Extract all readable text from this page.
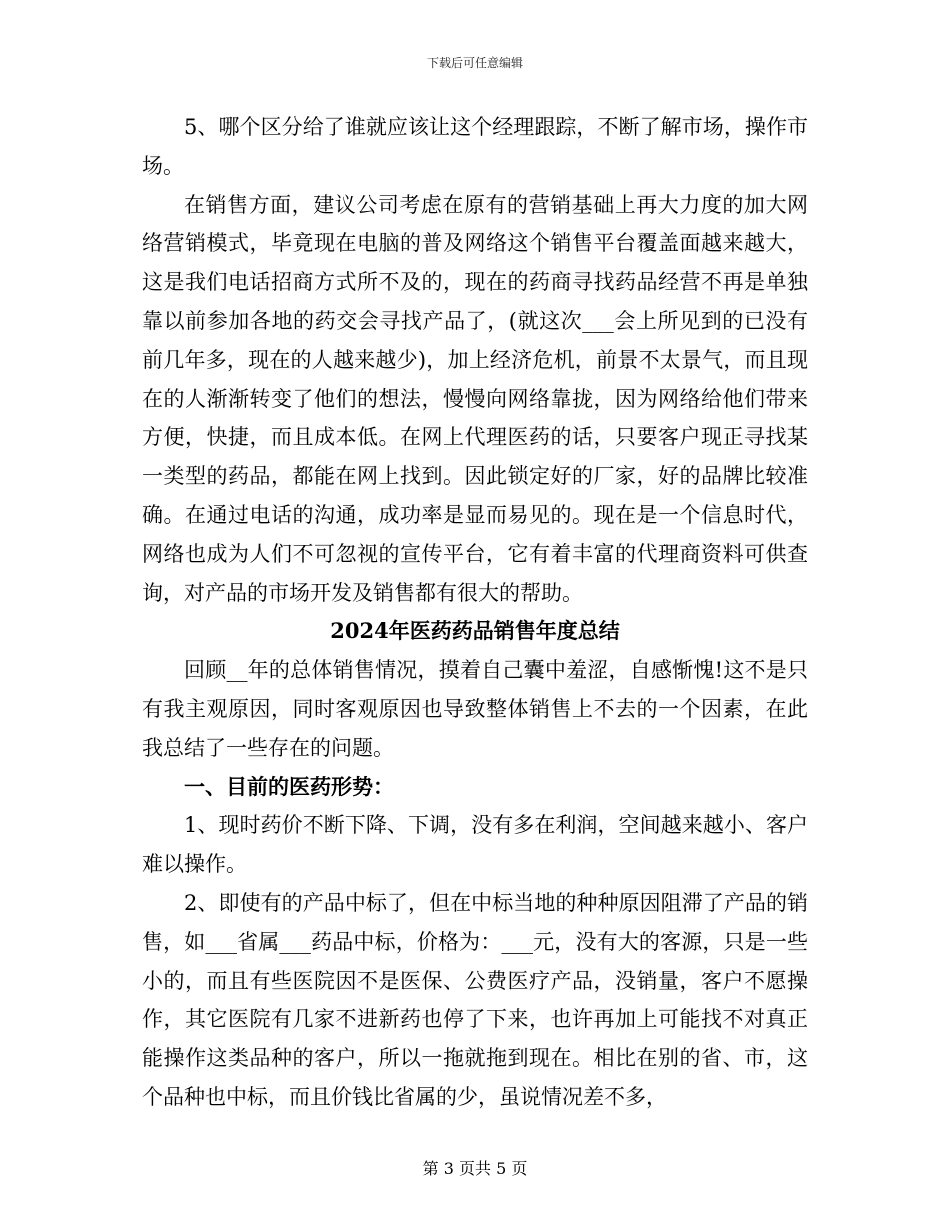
下载后可任意编辑

5、哪个区分给了谁就应该让这个经理跟踪，不断了解市场，操作市场。

在销售方面，建议公司考虑在原有的营销基础上再大力度的加大网络营销模式，毕竟现在电脑的普及网络这个销售平台覆盖面越来越大，这是我们电话招商方式所不及的，现在的药商寻找药品经营不再是单独靠以前参加各地的药交会寻找产品了，(就这次___会上所见到的已没有前几年多，现在的人越来越少)，加上经济危机，前景不太景气，而且现在的人渐渐转变了他们的想法，慢慢向网络靠拢，因为网络给他们带来方便，快捷，而且成本低。在网上代理医药的话，只要客户现正寻找某一类型的药品，都能在网上找到。因此锁定好的厂家，好的品牌比较准确。在通过电话的沟通，成功率是显而易见的。现在是一个信息时代，网络也成为人们不可忽视的宣传平台，它有着丰富的代理商资料可供查询，对产品的市场开发及销售都有很大的帮助。

2024年医药药品销售年度总结

回顾__年的总体销售情况，摸着自己囊中羞涩，自感惭愧!这不是只有我主观原因，同时客观原因也导致整体销售上不去的一个因素，在此我总结了一些存在的问题。

一、目前的医药形势：

1、现时药价不断下降、下调，没有多在利润，空间越来越小、客户难以操作。

2、即使有的产品中标了，但在中标当地的种种原因阻滞了产品的销售，如___省属___药品中标，价格为：___元，没有大的客源，只是一些小的，而且有些医院因不是医保、公费医疗产品，没销量，客户不愿操作，其它医院有几家不进新药也停了下来，也许再加上可能找不对真正能操作这类品种的客户，所以一拖就拖到现在。相比在别的省、市，这个品种也中标，而且价钱比省属的少，虽说情况差不多，

第 3 页共 5 页
